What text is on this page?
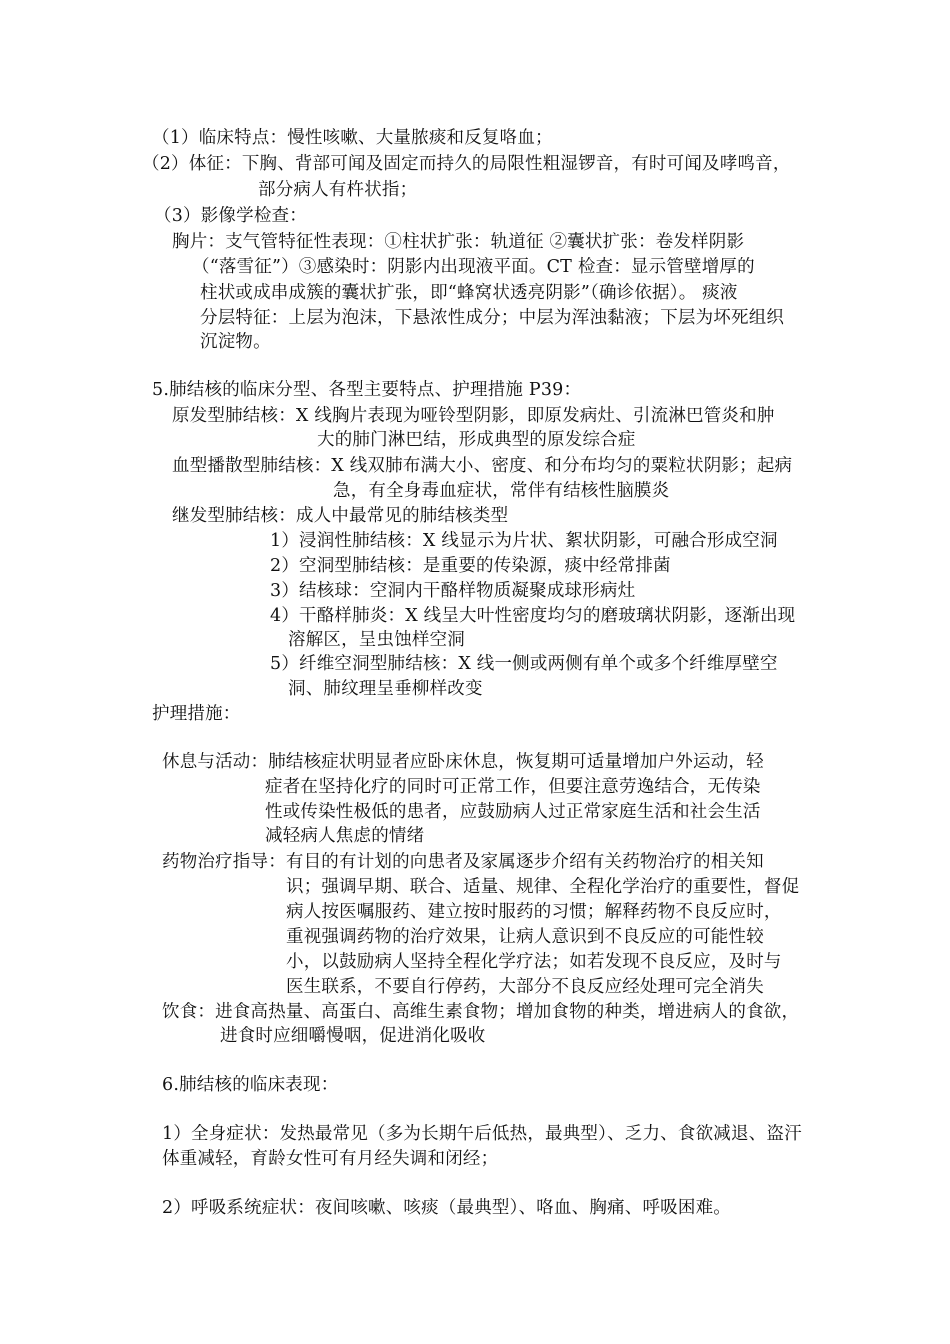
（1）临床特点：慢性咳嗽、大量脓痰和反复咯血；
（2）体征：下胸、背部可闻及固定而持久的局限性粗湿锣音，有时可闻及哮鸣音，
部分病人有杵状指；
（3）影像学检查：
胸片：支气管特征性表现：①柱状扩张：轨道征 ②囊状扩张：卷发样阴影
（“落雪征”）③感染时：阴影内出现液平面。CT 检查：显示管壁增厚的
柱状或成串成簇的囊状扩张，即“蜂窝状透亮阴影”（确诊依据）。 痰液
分层特征：上层为泡沫，下悬浓性成分；中层为浑浊黏液；下层为坏死组织
沉淀物。
5.肺结核的临床分型、各型主要特点、护理措施 P39：
原发型肺结核：X 线胸片表现为哑铃型阴影，即原发病灶、引流淋巴管炎和肿
大的肺门淋巴结，形成典型的原发综合症
血型播散型肺结核：X 线双肺布满大小、密度、和分布均匀的粟粒状阴影；起病
急，有全身毒血症状，常伴有结核性脑膜炎
继发型肺结核：成人中最常见的肺结核类型
1）浸润性肺结核：X 线显示为片状、絮状阴影，可融合形成空洞
2）空洞型肺结核：是重要的传染源，痰中经常排菌
3）结核球：空洞内干酪样物质凝聚成球形病灶
4）干酪样肺炎：X 线呈大叶性密度均匀的磨玻璃状阴影，逐渐出现
溶解区，呈虫蚀样空洞
5）纤维空洞型肺结核：X 线一侧或两侧有单个或多个纤维厚壁空
洞、肺纹理呈垂柳样改变
护理措施：
休息与活动：肺结核症状明显者应卧床休息，恢复期可适量增加户外运动，轻
症者在坚持化疗的同时可正常工作，但要注意劳逸结合，无传染
性或传染性极低的患者，应鼓励病人过正常家庭生活和社会生活
减轻病人焦虑的情绪
药物治疗指导：有目的有计划的向患者及家属逐步介绍有关药物治疗的相关知
识；强调早期、联合、适量、规律、全程化学治疗的重要性，督促
病人按医嘱服药、建立按时服药的习惯；解释药物不良反应时，
重视强调药物的治疗效果，让病人意识到不良反应的可能性较
小，以鼓励病人坚持全程化学疗法；如若发现不良反应，及时与
医生联系，不要自行停药，大部分不良反应经处理可完全消失
饮食：进食高热量、高蛋白、高维生素食物；增加食物的种类，增进病人的食欲，
进食时应细嚼慢咽，促进消化吸收
6.肺结核的临床表现：
1）全身症状：发热最常见（多为长期午后低热，最典型）、乏力、食欲减退、盗汗
体重减轻，育龄女性可有月经失调和闭经；
2）呼吸系统症状：夜间咳嗽、咳痰（最典型）、咯血、胸痛、呼吸困难。
